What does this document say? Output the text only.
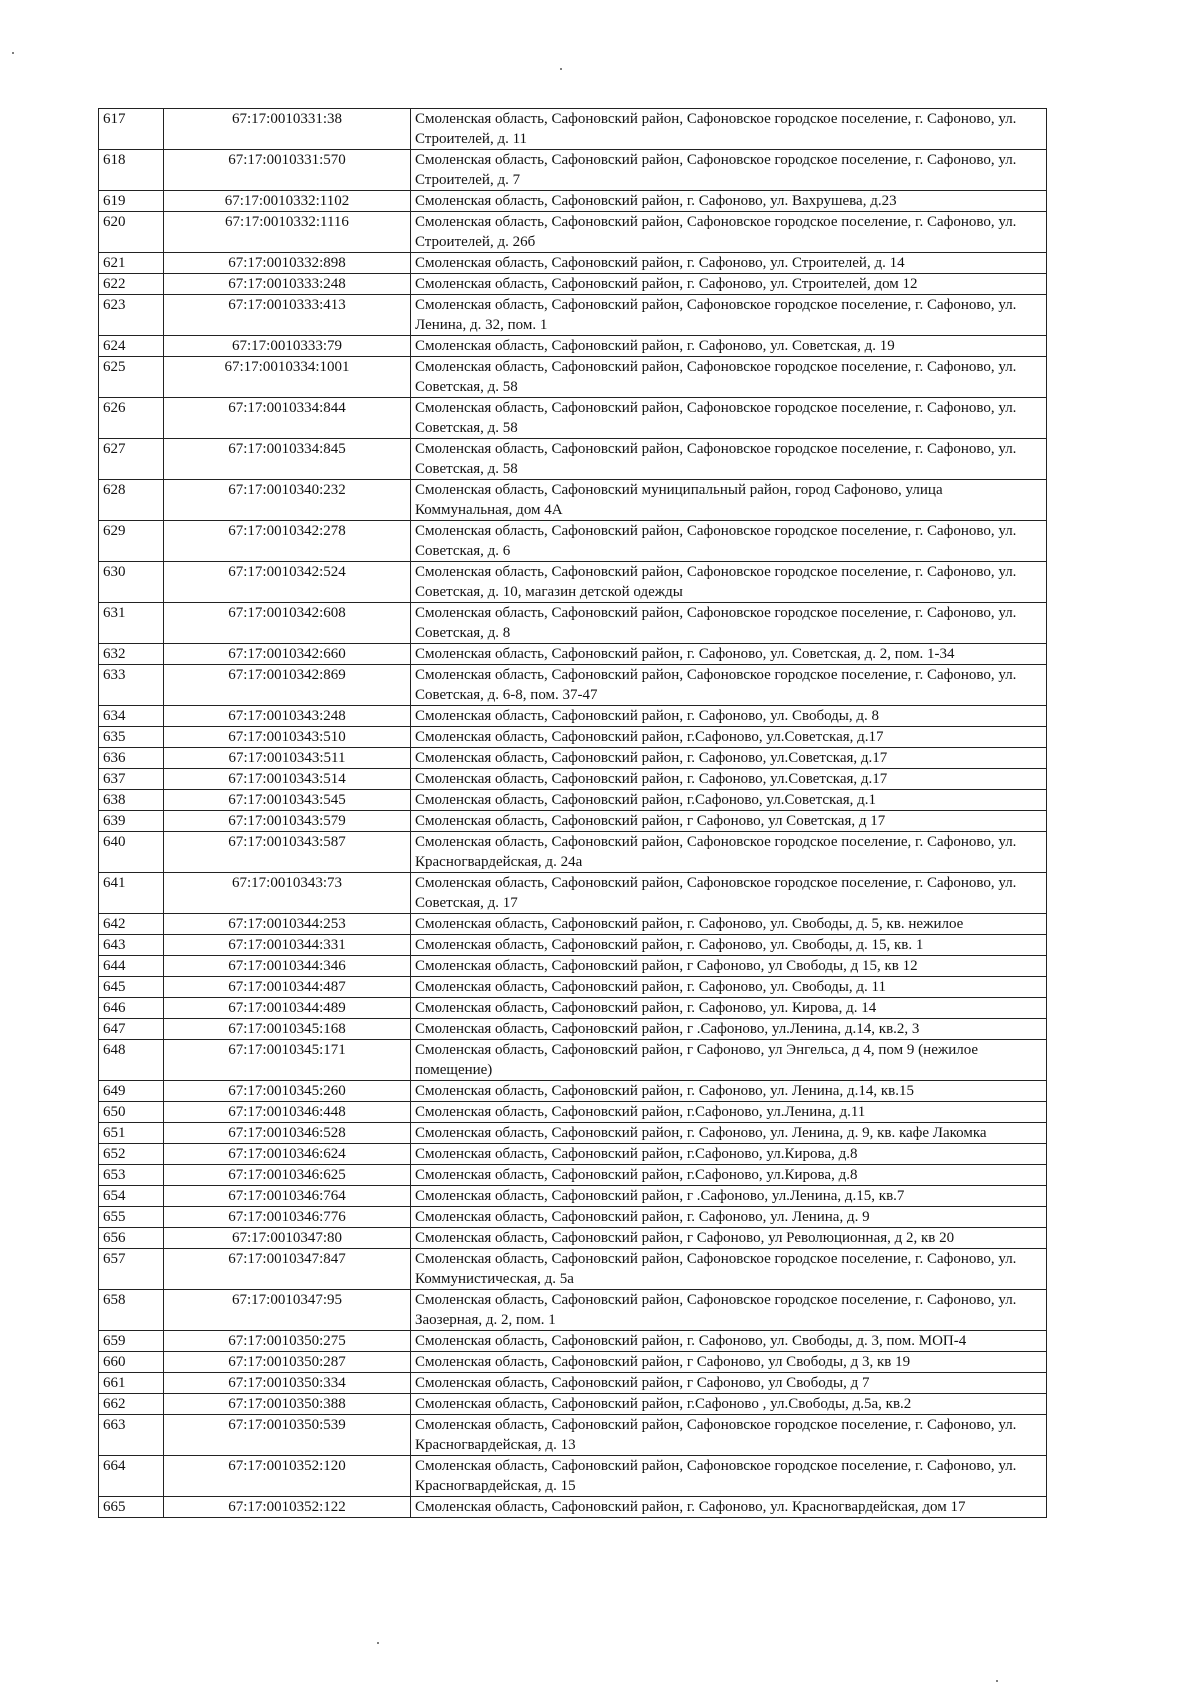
617	67:17:0010331:38	Смоленская область, Сафоновский район, Сафоновское городское поселение, г. Сафоново, ул. Строителей, д. 11
618	67:17:0010331:570	Смоленская область, Сафоновский район, Сафоновское городское поселение, г. Сафоново, ул. Строителей, д. 7
619	67:17:0010332:1102	Смоленская область, Сафоновский район, г. Сафоново, ул. Вахрушева, д.23
620	67:17:0010332:1116	Смоленская область, Сафоновский район, Сафоновское городское поселение, г. Сафоново, ул. Строителей, д. 26б
621	67:17:0010332:898	Смоленская область, Сафоновский район, г. Сафоново, ул. Строителей, д. 14
622	67:17:0010333:248	Смоленская область, Сафоновский район, г. Сафоново, ул. Строителей, дом 12
623	67:17:0010333:413	Смоленская область, Сафоновский район, Сафоновское городское поселение, г. Сафоново, ул. Ленина, д. 32, пом. 1
624	67:17:0010333:79	Смоленская область, Сафоновский район, г. Сафоново, ул. Советская, д. 19
625	67:17:0010334:1001	Смоленская область, Сафоновский район, Сафоновское городское поселение, г. Сафоново, ул. Советская, д. 58
626	67:17:0010334:844	Смоленская область, Сафоновский район, Сафоновское городское поселение, г. Сафоново, ул. Советская, д. 58
627	67:17:0010334:845	Смоленская область, Сафоновский район, Сафоновское городское поселение, г. Сафоново, ул. Советская, д. 58
628	67:17:0010340:232	Смоленская область, Сафоновский муниципальный район, город Сафоново, улица Коммунальная, дом 4А
629	67:17:0010342:278	Смоленская область, Сафоновский район, Сафоновское городское поселение, г. Сафоново, ул. Советская, д. 6
630	67:17:0010342:524	Смоленская область, Сафоновский район, Сафоновское городское поселение, г. Сафоново, ул. Советская, д. 10, магазин детской одежды
631	67:17:0010342:608	Смоленская область, Сафоновский район, Сафоновское городское поселение, г. Сафоново, ул. Советская, д. 8
632	67:17:0010342:660	Смоленская область, Сафоновский район, г. Сафоново, ул. Советская, д. 2, пом. 1-34
633	67:17:0010342:869	Смоленская область, Сафоновский район, Сафоновское городское поселение, г. Сафоново, ул. Советская, д. 6-8, пом. 37-47
634	67:17:0010343:248	Смоленская область, Сафоновский район, г. Сафоново, ул. Свободы, д. 8
635	67:17:0010343:510	Смоленская область, Сафоновский район, г.Сафоново, ул.Советская, д.17
636	67:17:0010343:511	Смоленская область, Сафоновский район, г. Сафоново, ул.Советская, д.17
637	67:17:0010343:514	Смоленская область, Сафоновский район, г. Сафоново, ул.Советская, д.17
638	67:17:0010343:545	Смоленская область, Сафоновский район, г.Сафоново, ул.Советская, д.1
639	67:17:0010343:579	Смоленская область, Сафоновский район, г Сафоново, ул Советская, д 17
640	67:17:0010343:587	Смоленская область, Сафоновский район, Сафоновское городское поселение, г. Сафоново, ул. Красногвардейская, д. 24а
641	67:17:0010343:73	Смоленская область, Сафоновский район, Сафоновское городское поселение, г. Сафоново, ул. Советская, д. 17
642	67:17:0010344:253	Смоленская область, Сафоновский район, г. Сафоново, ул. Свободы, д. 5, кв. нежилое
643	67:17:0010344:331	Смоленская область, Сафоновский район, г. Сафоново, ул. Свободы, д. 15, кв. 1
644	67:17:0010344:346	Смоленская область, Сафоновский район, г Сафоново, ул Свободы, д 15, кв 12
645	67:17:0010344:487	Смоленская область, Сафоновский район, г. Сафоново, ул. Свободы, д. 11
646	67:17:0010344:489	Смоленская область, Сафоновский район, г. Сафоново, ул. Кирова, д. 14
647	67:17:0010345:168	Смоленская область, Сафоновский район, г .Сафоново, ул.Ленина, д.14, кв.2, 3
648	67:17:0010345:171	Смоленская область, Сафоновский район, г Сафоново, ул Энгельса, д 4, пом 9 (нежилое помещение)
649	67:17:0010345:260	Смоленская область, Сафоновский район, г. Сафоново, ул. Ленина, д.14, кв.15
650	67:17:0010346:448	Смоленская область, Сафоновский район, г.Сафоново, ул.Ленина, д.11
651	67:17:0010346:528	Смоленская область, Сафоновский район, г. Сафоново, ул. Ленина, д. 9, кв. кафе Лакомка
652	67:17:0010346:624	Смоленская область, Сафоновский район, г.Сафоново, ул.Кирова, д.8
653	67:17:0010346:625	Смоленская область, Сафоновский район, г.Сафоново, ул.Кирова, д.8
654	67:17:0010346:764	Смоленская область, Сафоновский район, г .Сафоново, ул.Ленина, д.15, кв.7
655	67:17:0010346:776	Смоленская область, Сафоновский район, г. Сафоново, ул. Ленина, д. 9
656	67:17:0010347:80	Смоленская область, Сафоновский район, г Сафоново, ул Революционная, д 2, кв 20
657	67:17:0010347:847	Смоленская область, Сафоновский район, Сафоновское городское поселение, г. Сафоново, ул. Коммунистическая, д. 5а
658	67:17:0010347:95	Смоленская область, Сафоновский район, Сафоновское городское поселение, г. Сафоново, ул. Заозерная, д. 2, пом. 1
659	67:17:0010350:275	Смоленская область, Сафоновский район, г. Сафоново, ул. Свободы, д. 3, пом. МОП-4
660	67:17:0010350:287	Смоленская область, Сафоновский район, г Сафоново, ул Свободы, д 3, кв 19
661	67:17:0010350:334	Смоленская область, Сафоновский район, г Сафоново, ул Свободы, д 7
662	67:17:0010350:388	Смоленская область, Сафоновский район, г.Сафоново , ул.Свободы, д.5а, кв.2
663	67:17:0010350:539	Смоленская область, Сафоновский район, Сафоновское городское поселение, г. Сафоново, ул. Красногвардейская, д. 13
664	67:17:0010352:120	Смоленская область, Сафоновский район, Сафоновское городское поселение, г. Сафоново, ул. Красногвардейская, д. 15
665	67:17:0010352:122	Смоленская область, Сафоновский район, г. Сафоново, ул. Красногвардейская, дом 17
